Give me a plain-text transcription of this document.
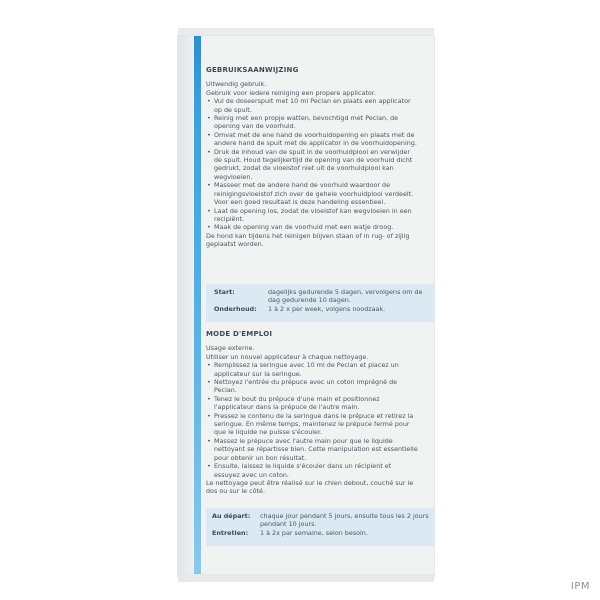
GEBRUIKSAANWIJZING

Uitwendig gebruik.

Gebruik voor iedere reiniging een propere applicator.

• Vul de doseerspuit met 10 ml Peclan en plaats een applicator op de spuit.
• Reinig met een propje watten, bevochtigd met Peclan, de opening van de voorhuid.
• Omvat met de ene hand de voorhuidopening en plaats met de andere hand de spuit met de applicator in de voorhuidopening.
• Druk de inhoud van de spuit in de voorhuidplooi en verwijder de spuit. Houd tegelijkertijd de opening van de voorhuid dicht gedrukt, zodat de vloeistof niet uit de voorhuidplooi kan wegvloeien.
• Masseer met de andere hand de voorhuid waardoor de reinigingsvloeistof zich over de gehele voorhuidplooi verdeelt. Voor een goed resultaat is deze handeling essentieel.
• Laat de opening los, zodat de vloeistof kan wegvloeien in een recipiënt.
• Maak de opening van de voorhuid met een watje droog.

De hond kan tijdens het reinigen blijven staan of in rug- of zijlig geplaatst worden.

Start:	dagelijks gedurende 5 dagen, vervolgens om de dag gedurende 10 dagen.
Onderhoud:	1 à 2 x per week, volgens noodzaak.
MODE D'EMPLOI

Usage externe.

Utiliser un nouvel applicateur à chaque nettoyage.

• Remplissez la seringue avec 10 ml de Peclan et placez un applicateur sur la seringue.
• Nettoyez l'entrée du prépuce avec un coton imprégné de Peclan.
• Tenez le bout du prépuce d'une main et positionnez l'applicateur dans la prépuce de l'autre main.
• Pressez le contenu de la seringue dans le prépuce et retirez la seringue. En même temps, maintenez le prépuce fermé pour que le liquide ne puisse s'écouler.
• Massez le prépuce avec l'autre main pour que le liquide nettoyant se répartisse bien. Cette manipulation est essentielle pour obtenir un bon résultat.
• Ensuite, laissez le liquide s'écouler dans un récipient et essuyez avec un coton.

Le nettoyage peut être réalisé sur le chien debout, couché sur le dos ou sur le côté.

Au départ:	chaque jour pendant 5 jours, ensuite tous les 2 jours pendant 10 jours.
Entretien:	1 à 2x par semaine, selon besoin.
IPM
